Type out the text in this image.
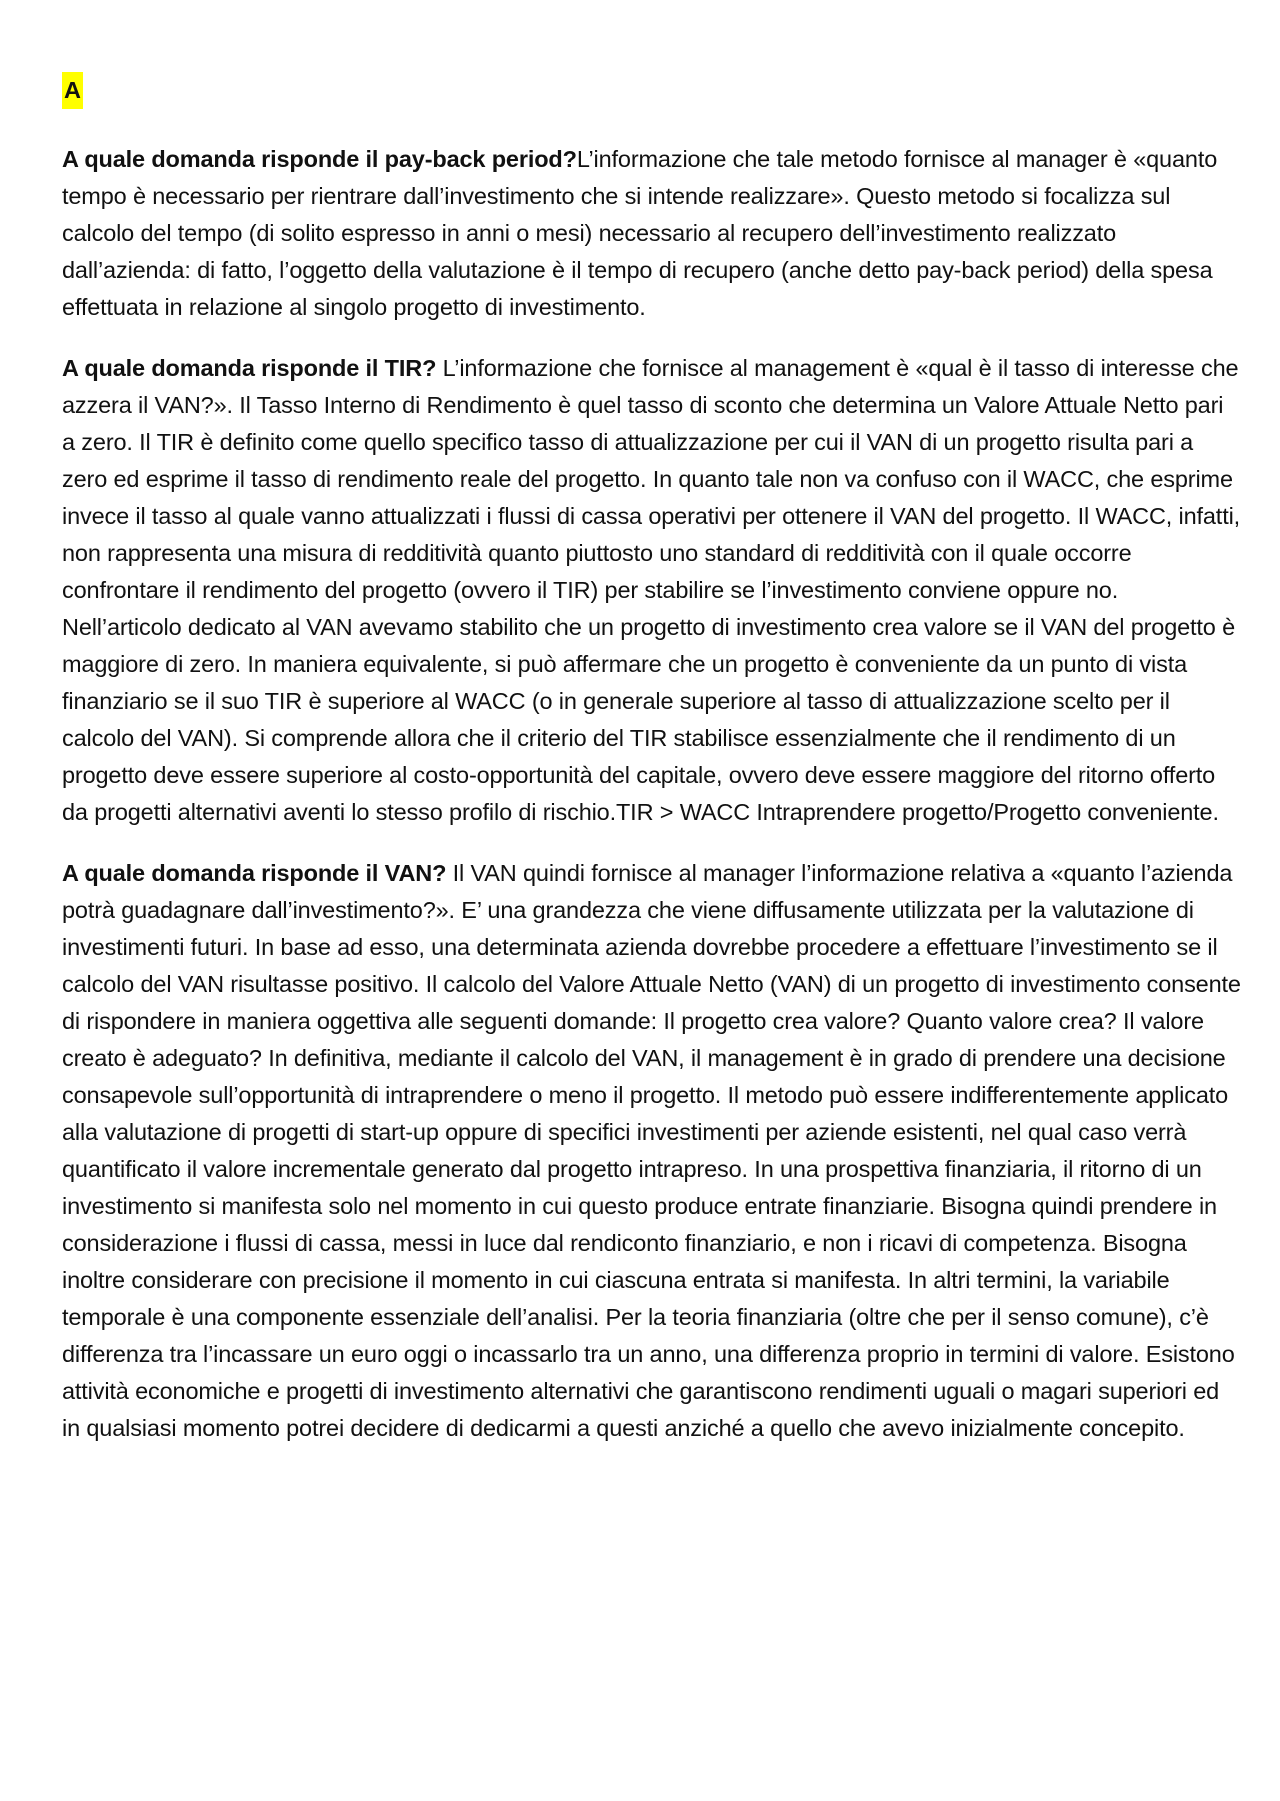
A

A quale domanda risponde il pay-back period?L’informazione che tale metodo fornisce al manager è «quanto tempo è necessario per rientrare dall’investimento che si intende realizzare». Questo metodo si focalizza sul calcolo del tempo (di solito espresso in anni o mesi) necessario al recupero dell’investimento realizzato dall’azienda: di fatto, l’oggetto della valutazione è il tempo di recupero (anche detto pay-back period) della spesa effettuata in relazione al singolo progetto di investimento.

A quale domanda risponde il TIR? L’informazione che fornisce al management è «qual è il tasso di interesse che azzera il VAN?». Il Tasso Interno di Rendimento è quel tasso di sconto che determina un Valore Attuale Netto pari a zero. Il TIR è definito come quello specifico tasso di attualizzazione per cui il VAN di un progetto risulta pari a zero ed esprime il tasso di rendimento reale del progetto. In quanto tale non va confuso con il WACC, che esprime invece il tasso al quale vanno attualizzati i flussi di cassa operativi per ottenere il VAN del progetto. Il WACC, infatti, non rappresenta una misura di redditività quanto piuttosto uno standard di redditività con il quale occorre confrontare il rendimento del progetto (ovvero il TIR) per stabilire se l’investimento conviene oppure no. Nell’articolo dedicato al VAN avevamo stabilito che un progetto di investimento crea valore se il VAN del progetto è maggiore di zero. In maniera equivalente, si può affermare che un progetto è conveniente da un punto di vista finanziario se il suo TIR è superiore al WACC (o in generale superiore al tasso di attualizzazione scelto per il calcolo del VAN). Si comprende allora che il criterio del TIR stabilisce essenzialmente che il rendimento di un progetto deve essere superiore al costo-opportunità del capitale, ovvero deve essere maggiore del ritorno offerto da progetti alternativi aventi lo stesso profilo di rischio.TIR > WACC Intraprendere progetto/Progetto conveniente.

A quale domanda risponde il VAN? Il VAN quindi fornisce al manager l’informazione relativa a «quanto l’azienda potrà guadagnare dall’investimento?». E’ una grandezza che viene diffusamente utilizzata per la valutazione di investimenti futuri. In base ad esso, una determinata azienda dovrebbe procedere a effettuare l’investimento se il calcolo del VAN risultasse positivo. Il calcolo del Valore Attuale Netto (VAN) di un progetto di investimento consente di rispondere in maniera oggettiva alle seguenti domande: Il progetto crea valore? Quanto valore crea? Il valore creato è adeguato? In definitiva, mediante il calcolo del VAN, il management è in grado di prendere una decisione consapevole sull’opportunità di intraprendere o meno il progetto. Il metodo può essere indifferentemente applicato alla valutazione di progetti di start-up oppure di specifici investimenti per aziende esistenti, nel qual caso verrà quantificato il valore incrementale generato dal progetto intrapreso. In una prospettiva finanziaria, il ritorno di un investimento si manifesta solo nel momento in cui questo produce entrate finanziarie. Bisogna quindi prendere in considerazione i flussi di cassa, messi in luce dal rendiconto finanziario, e non i ricavi di competenza. Bisogna inoltre considerare con precisione il momento in cui ciascuna entrata si manifesta. In altri termini, la variabile temporale è una componente essenziale dell’analisi. Per la teoria finanziaria (oltre che per il senso comune), c’è differenza tra l’incassare un euro oggi o incassarlo tra un anno, una differenza proprio in termini di valore. Esistono attività economiche e progetti di investimento alternativi che garantiscono rendimenti uguali o magari superiori ed in qualsiasi momento potrei decidere di dedicarmi a questi anziché a quello che avevo inizialmente concepito.
